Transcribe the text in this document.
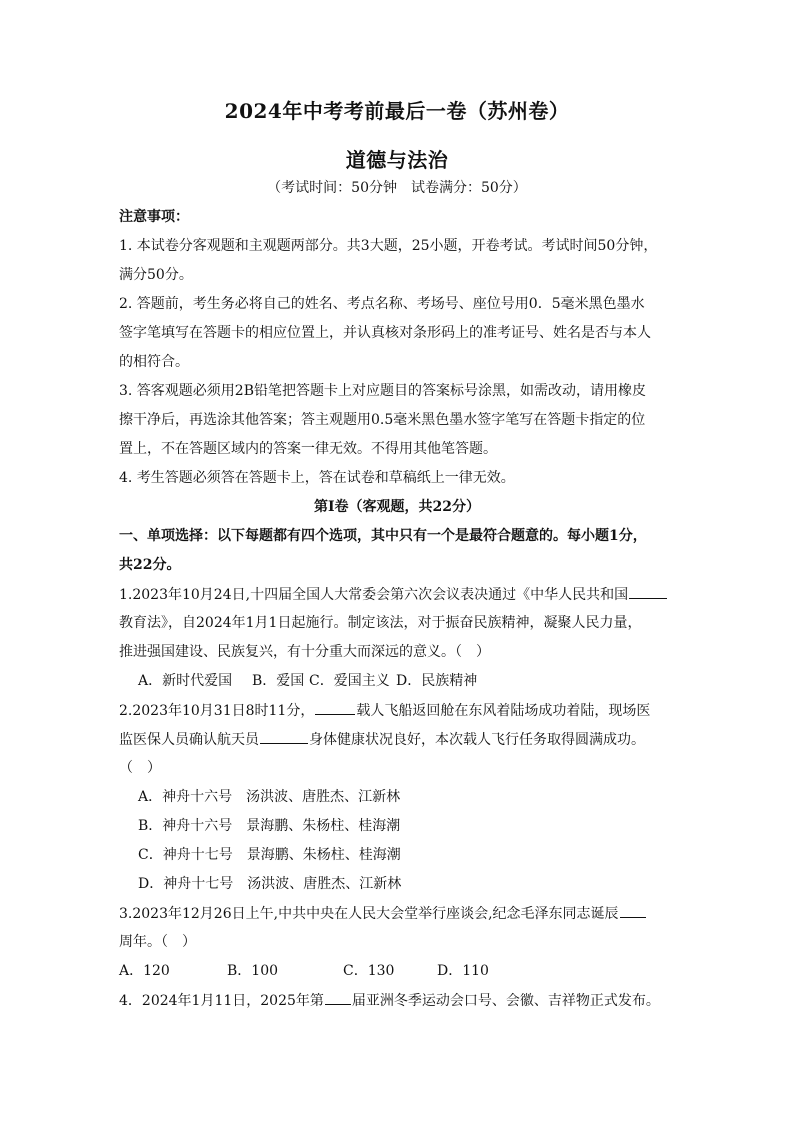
2024年中考考前最后一卷（苏州卷）
道德与法治
（考试时间：50分钟　试卷满分：50分）
注意事项：
1. 本试卷分客观题和主观题两部分。共3大题，25小题，开卷考试。考试时间50分钟，
满分50分。
2. 答题前，考生务必将自己的姓名、考点名称、考场号、座位号用0．5毫米黑色墨水
签字笔填写在答题卡的相应位置上，并认真核对条形码上的准考证号、姓名是否与本人
的相符合。
3. 答客观题必须用2B铅笔把答题卡上对应题目的答案标号涂黑，如需改动，请用橡皮
擦干净后，再选涂其他答案；答主观题用0.5毫米黑色墨水签字笔写在答题卡指定的位
置上，不在答题区域内的答案一律无效。不得用其他笔答题。
4. 考生答题必须答在答题卡上，答在试卷和草稿纸上一律无效。
第I卷（客观题，共22分）
一、单项选择：以下每题都有四个选项，其中只有一个是最符合题意的。每小题1分，
共22分。
1.2023年10月24日,十四届全国人大常委会第六次会议表决通过《中华人民共和国
教育法》，自2024年1月1日起施行。制定该法，对于振奋民族精神，凝聚人民力量，
推进强国建设、民族复兴，有十分重大而深远的意义。（　）
A．新时代爱国 B．爱国 C．爱国主义 D．民族精神
2.2023年10月31日8时11分，	载人飞船返回舱在东风着陆场成功着陆，现场医
监医保人员确认航天员	身体健康状况良好，本次载人飞行任务取得圆满成功。
（　）
A．神舟十六号　汤洪波、唐胜杰、江新林
B．神舟十六号　景海鹏、朱杨柱、桂海潮
C．神舟十七号　景海鹏、朱杨柱、桂海潮
D．神舟十七号　汤洪波、唐胜杰、江新林
3.2023年12月26日上午,中共中央在人民大会堂举行座谈会,纪念毛泽东同志诞辰
周年。（　）
A．120	B．100	C．130	D．110
4．2024年1月11日，2025年第 届亚洲冬季运动会口号、会徽、吉祥物正式发布。
